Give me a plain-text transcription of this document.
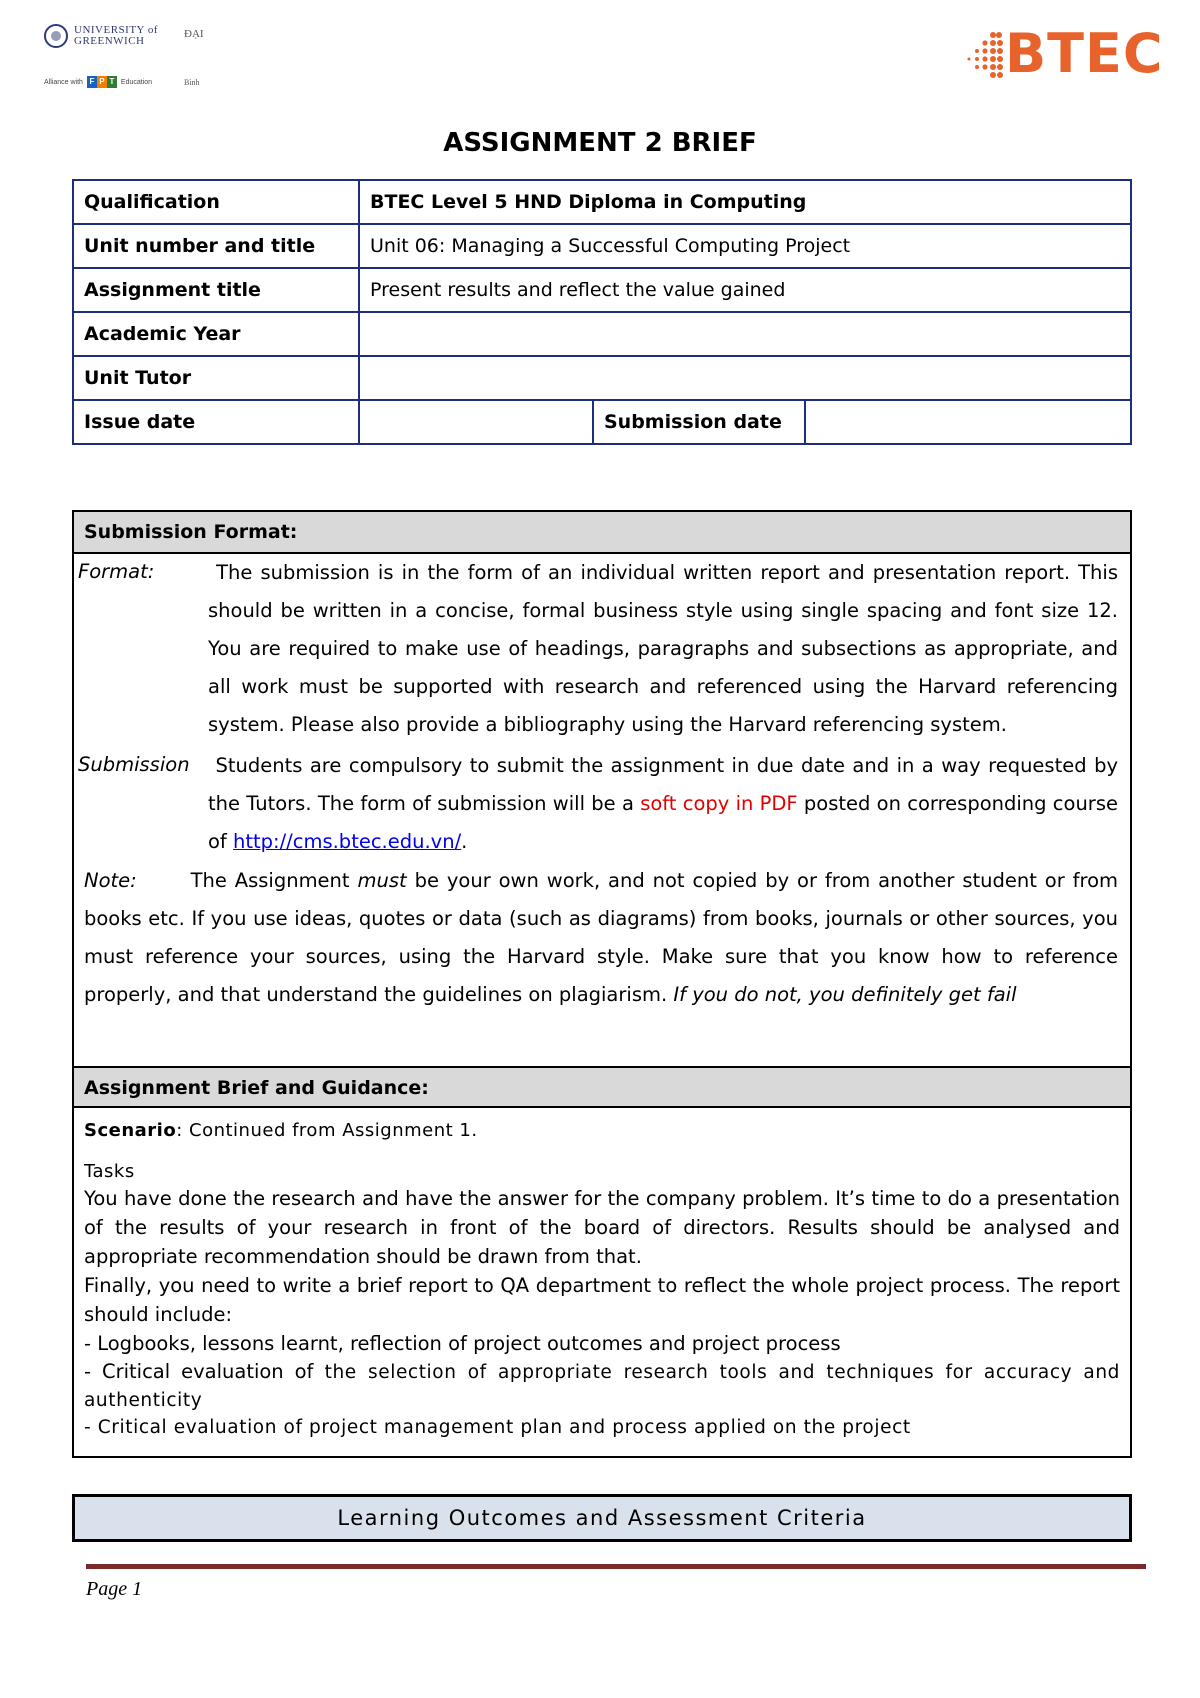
UNIVERSITY of GREENWICH
ĐẠI
Alliance with F P T Education	Bình	BTEC
ASSIGNMENT 2 BRIEF
Qualification	BTEC Level 5 HND Diploma in Computing		
Unit number and title	Unit 06: Managing a Successful Computing Project		
Assignment title	Present results and reflect the value gained		
Academic Year			
Unit Tutor			
Issue date		Submission date	
Submission Format:
Format:	The submission is in the form of an individual written report and presentation report. This should be written in a concise, formal business style using single spacing and font size 12. You are required to make use of headings, paragraphs and subsections as appropriate, and all work must be supported with research and referenced using the Harvard referencing system. Please also provide a bibliography using the Harvard referencing system.
Submission	Students are compulsory to submit the assignment in due date and in a way requested by the Tutors. The form of submission will be a soft copy in PDF posted on corresponding course of http://cms.btec.edu.vn/.
Note:	The Assignment must be your own work, and not copied by or from another student or from books etc. If you use ideas, quotes or data (such as diagrams) from books, journals or other sources, you must reference your sources, using the Harvard style. Make sure that you know how to reference properly, and that understand the guidelines on plagiarism. If you do not, you definitely get fail
Assignment Brief and Guidance:
Scenario: Continued from Assignment 1.
Tasks

You have done the research and have the answer for the company problem. It’s time to do a presentation of the results of your research in front of the board of directors. Results should be analysed and appropriate recommendation should be drawn from that.

Finally, you need to write a brief report to QA department to reflect the whole project process. The report should include:

- Logbooks, lessons learnt, reflection of project outcomes and project process

- Critical evaluation of the selection of appropriate research tools and techniques for accuracy and authenticity

- Critical evaluation of project management plan and process applied on the project

Learning Outcomes and Assessment Criteria
Page 1
